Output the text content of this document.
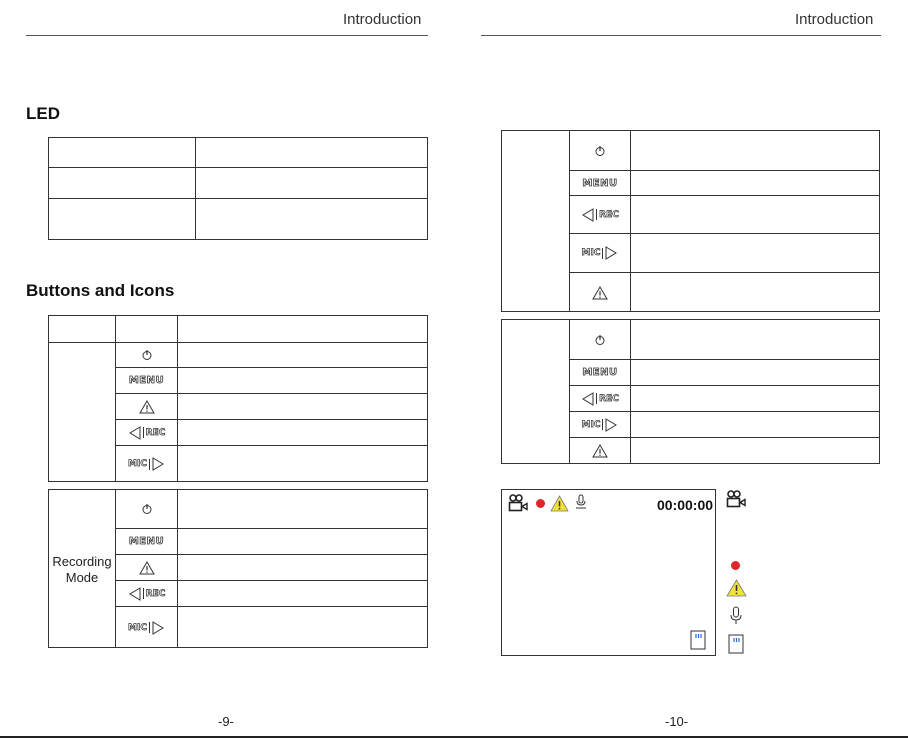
Introduction
LED
Buttons and Icons
MENU
REC
MIC
Recording Mode
MENU
REC
MIC
-9-
Introduction
MENU
REC
MIC
MENU
REC
MIC
00:00:00
-10-
